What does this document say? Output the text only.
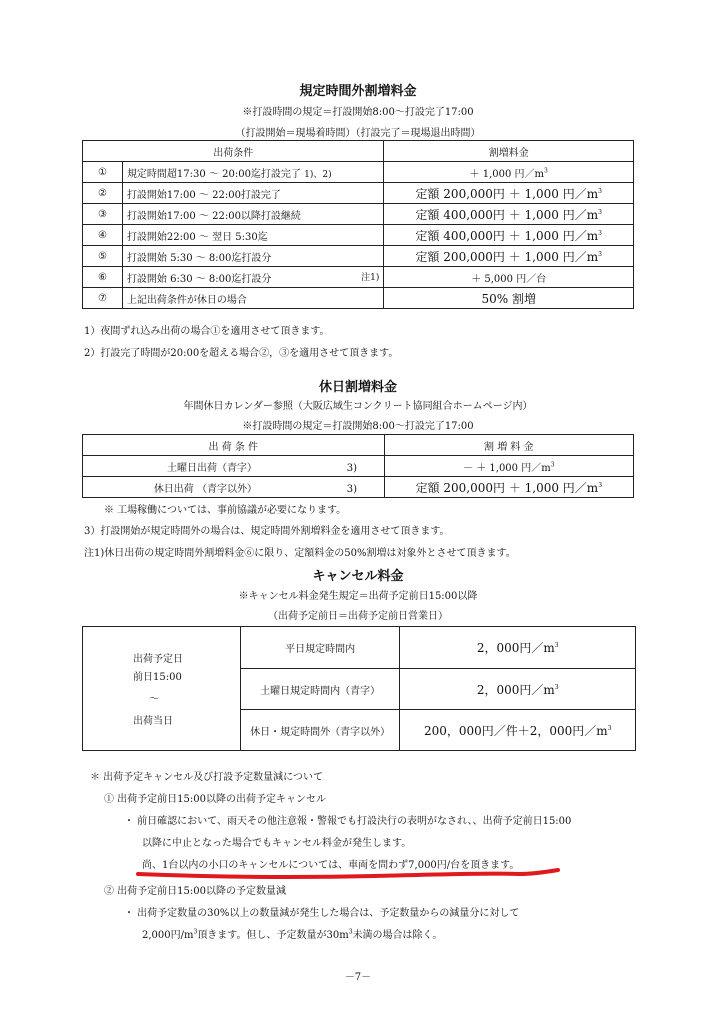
規定時間外割増料金
※打設時間の規定＝打設開始8:00～打設完了17:00
（打設開始＝現場着時間）（打設完了＝現場退出時間）
出荷条件		割増料金
①	規定時間超17:30 ～ 20:00迄打設完了 1)、2)	＋ 1,000 円$/m^3$
②	打設開始17:00 ～ 22:00打設完了	定額 200,000円 ＋ 1,000 円$/m^3$
③	打設開始17:00 ～ 22:00以降打設継続	定額 400,000円 ＋ 1,000 円$/m^3$
④	打設開始22:00 ～ 翌日 5:30迄	定額 400,000円 ＋ 1,000 円$/m^3$
⑤	打設開始 5:30 ～ 8:00迄打設分	定額 200,000円 ＋ 1,000 円$/m^3$
⑥	打設開始 6:30 ～ 8:00迄打設分 注1)	＋ 5,000 円／台
⑦	上記出荷条件が休日の場合	50% 割増
1）夜間ずれ込み出荷の場合①を適用させて頂きます。
2）打設完了時間が20:00を超える場合②，③を適用させて頂きます。
休日割増料金
年間休日カレンダー参照（大阪広域生コンクリート協同組合ホームページ内）
※打設時間の規定＝打設開始8:00～打設完了17:00
出 荷 条 件	割 増 料 金
土曜日出荷（青字） 3)	－ ＋ 1,000 円$/m^3$
休日出荷 （青字以外） 3)	定額 200,000円 ＋ 1,000 円$/m^3$
※ 工場稼働については、事前協議が必要になります。
3）打設開始が規定時間外の場合は、規定時間外割増料金を適用させて頂きます。
注1)休日出荷の規定時間外割増料金⑥に限り、定額料金の50%割増は対象外とさせて頂きます。
キャンセル料金
※キャンセル料金発生規定＝出荷予定前日15:00以降
（出荷予定前日＝出荷予定前日営業日）
出荷予定日
前日15:00
～
出荷当日	平日規定時間内	2，000円$/m^3$
	土曜日規定時間内（青字）	2，000円$/m^3$
	休日・規定時間外（青字以外）	200，000円／件＋2，000円$/m^3$
＊ 出荷予定キャンセル及び打設予定数量減について
① 出荷予定前日15:00以降の出荷予定キャンセル
・ 前日確認において、雨天その他注意報・警報でも打設決行の表明がなされ、、出荷予定前日15:00
以降に中止となった場合でもキャンセル料金が発生します。
尚、1台以内の小口のキャンセルについては、車両を問わず7,000円/台を頂きます。
② 出荷予定前日15:00以降の予定数量減
・ 出荷予定数量の30%以上の数量減が発生した場合は、予定数量からの減量分に対して
2,000円$/m^3$頂きます。但し、予定数量が$30m^3$未満の場合は除く。
－7－
